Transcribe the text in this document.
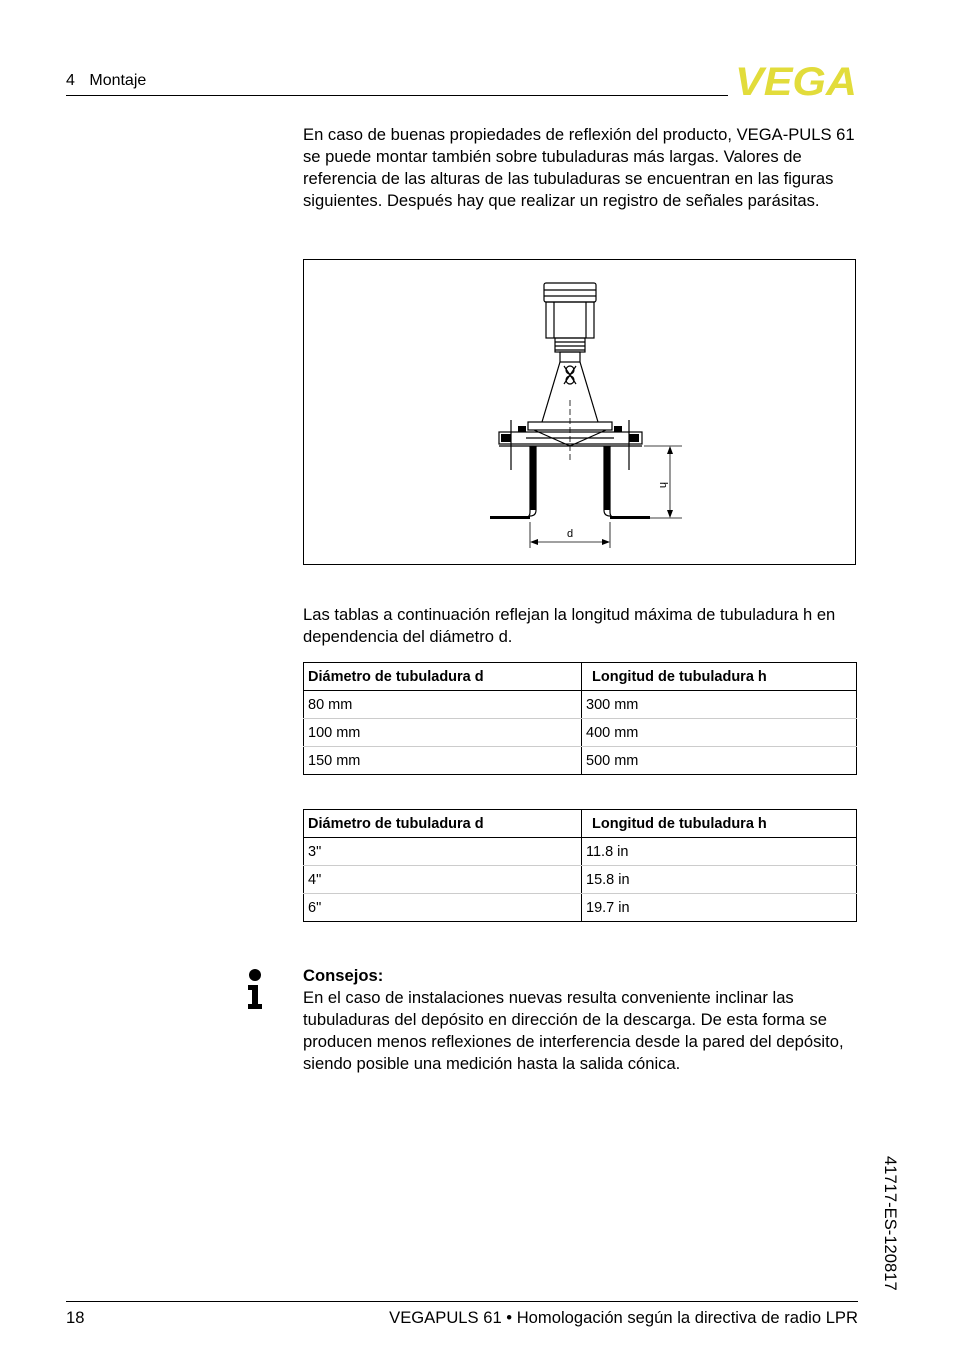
4 Montaje	VEGA

En caso de buenas propiedades de reflexión del producto, VEGA-PULS 61 se puede montar también sobre tubuladuras más largas. Valores de referencia de las alturas de las tubuladuras se encuentran en las figuras siguientes. Después hay que realizar un registro de señales parásitas.

h
d

Las tablas a continuación reflejan la longitud máxima de tubuladura h en dependencia del diámetro d.

Diámetro de tubuladura d	Longitud de tubuladura h
80 mm	300 mm
100 mm	400 mm
150 mm	500 mm
Diámetro de tubuladura d	Longitud de tubuladura h
3"	11.8 in
4"	15.8 in
6"	19.7 in
Consejos:
En el caso de instalaciones nuevas resulta conveniente inclinar las tubuladuras del depósito en dirección de la descarga. De esta forma se producen menos reflexiones de interferencia desde la pared del depósito, siendo posible una medición hasta la salida cónica.
41717-ES-120817
18	VEGAPULS 61 • Homologación según la directiva de radio LPR
